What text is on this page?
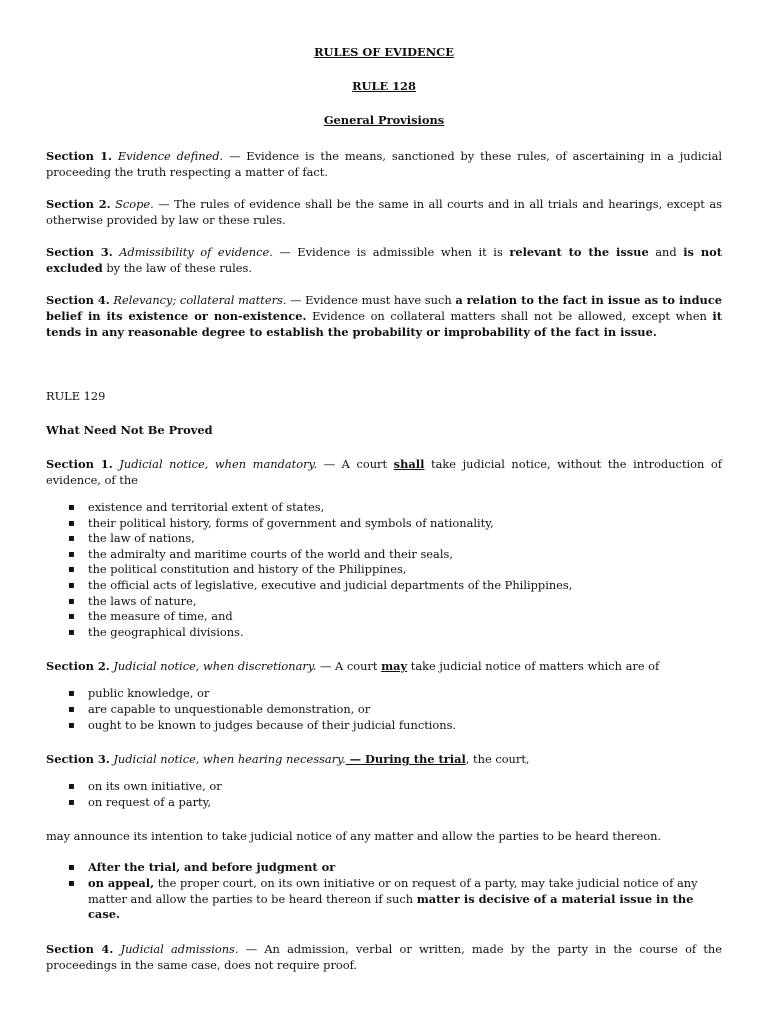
RULES OF EVIDENCE

RULE 128

General Provisions

Section 1. Evidence defined. — Evidence is the means, sanctioned by these rules, of ascertaining in a judicial proceeding the truth respecting a matter of fact.

Section 2. Scope. — The rules of evidence shall be the same in all courts and in all trials and hearings, except as otherwise provided by law or these rules.

Section 3. Admissibility of evidence. — Evidence is admissible when it is relevant to the issue and is not excluded by the law of these rules.

Section 4. Relevancy; collateral matters. — Evidence must have such a relation to the fact in issue as to induce belief in its existence or non-existence. Evidence on collateral matters shall not be allowed, except when it tends in any reasonable degree to establish the probability or improbability of the fact in issue.

RULE 129

What Need Not Be Proved

Section 1. Judicial notice, when mandatory. — A court shall take judicial notice, without the introduction of evidence, of the

▪ existence and territorial extent of states,
▪ their political history, forms of government and symbols of nationality,
▪ the law of nations,
▪ the admiralty and maritime courts of the world and their seals,
▪ the political constitution and history of the Philipp​ines,
▪ the official acts of legislative, executive and judicial departments of the Philippines,
▪ the laws of nature,
▪ the measure of time, and
▪ the geographical divisions.

Section 2. Judicial notice, when discretionary. — A court may take judicial notice of matters which are of

▪ public knowledge, or
▪ are capable to unquestionable demonstration, or
▪ ought to be known to judges because of their judicial functions.

Section 3. Judicial notice, when hearing necessary. — During the trial, the court,

▪ on its own initiative, or
▪ on request of a party,

may announce its intention to take judicial notice of any matter and allow the parties to be heard thereon.

▪ After the trial, and before judgment or
▪ on appeal, the proper court, on its own initiative or on request of a party, may take judicial notice of any matter and allow the parties to be heard thereon if such matter is decisive of a material issue in the case.

Section 4. Judicial admissions. — An admission, verbal or written, made by the party in the course of the proceedings in the same case, does not require proof.
